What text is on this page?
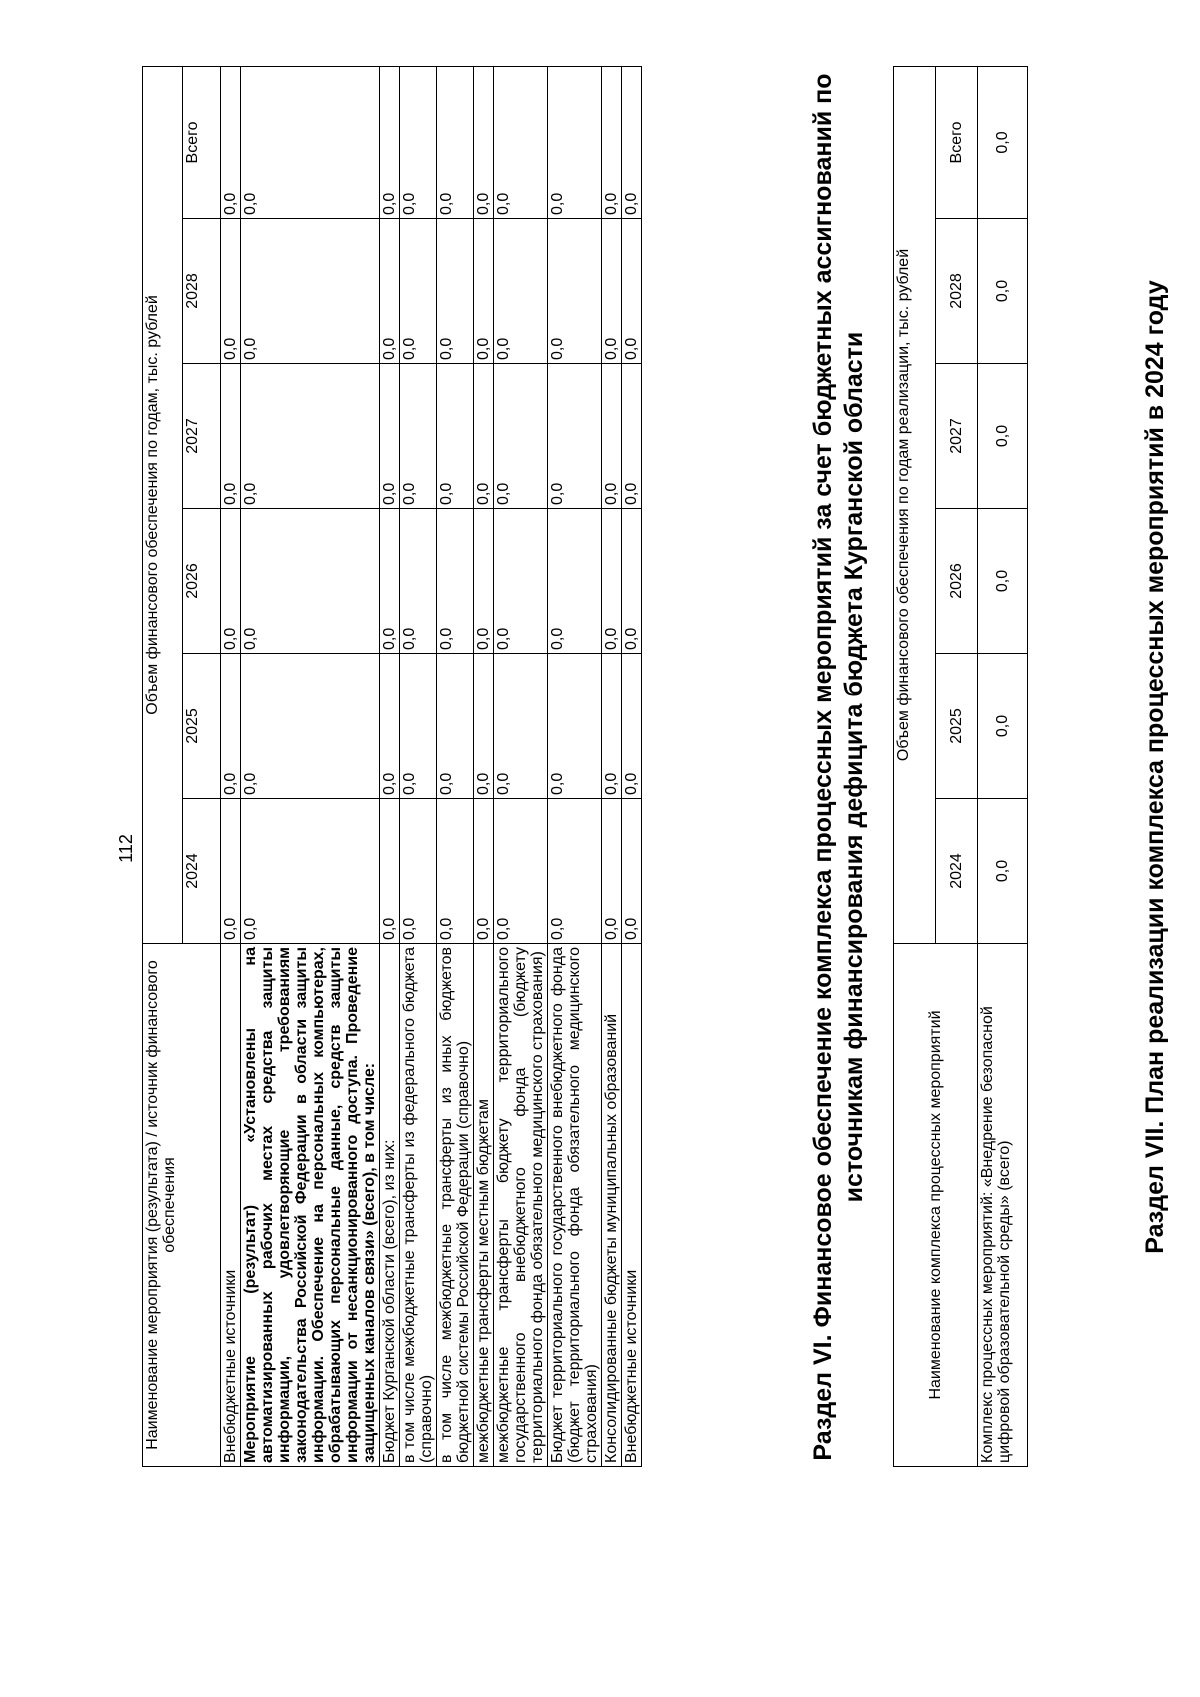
112
Наименование мероприятия (результата) / источник финансового обеспечения	Объем финансового обеспечения по годам, тыс. рублей					
	2024	2025	2026	2027	2028	Всего
Внебюджетные источники	0,0	0,0	0,0	0,0	0,0	0,0
Мероприятие (результат) «Установлены на автоматизированных рабочих местах средства защиты информации, удовлетворяющие требованиям законодательства Российской Федерации в области защиты информации. Обеспечение на персональных компьютерах, обрабатывающих персональные данные, средств защиты информации от несанкционированного доступа. Проведение защищенных каналов связи» (всего), в том числе:	0,0	0,0	0,0	0,0	0,0	0,0
Бюджет Курганской области (всего), из них:	0,0	0,0	0,0	0,0	0,0	0,0
в том числе межбюджетные трансферты из федерального бюджета (справочно)	0,0	0,0	0,0	0,0	0,0	0,0
в том числе межбюджетные трансферты из иных бюджетов бюджетной системы Российской Федерации (справочно)	0,0	0,0	0,0	0,0	0,0	0,0
межбюджетные трансферты местным бюджетам	0,0	0,0	0,0	0,0	0,0	0,0
межбюджетные трансферты бюджету территориального государственного внебюджетного фонда (бюджету территориального фонда обязательного медицинского страхования)	0,0	0,0	0,0	0,0	0,0	0,0
Бюджет территориального государственного внебюджетного фонда (бюджет территориального фонда обязательного медицинского страхования)	0,0	0,0	0,0	0,0	0,0	0,0
Консолидированные бюджеты муниципальных образований	0,0	0,0	0,0	0,0	0,0	0,0
Внебюджетные источники	0,0	0,0	0,0	0,0	0,0	0,0	Раздел VI. Финансовое обеспечение комплекса процессных мероприятий за счет бюджетных ассигнований по источникам финансирования дефицита бюджета Курганской области
Наименование комплекса процессных мероприятий	Объем финансового обеспечения по годам реализации, тыс. рублей					
	2024	2025	2026	2027	2028	Всего
Комплекс процессных мероприятий: «Внедрение безопасной цифровой образовательной среды» (всего)	0,0	0,0	0,0	0,0	0,0	0,0
Раздел VII. План реализации комплекса процессных мероприятий в 2024 году
